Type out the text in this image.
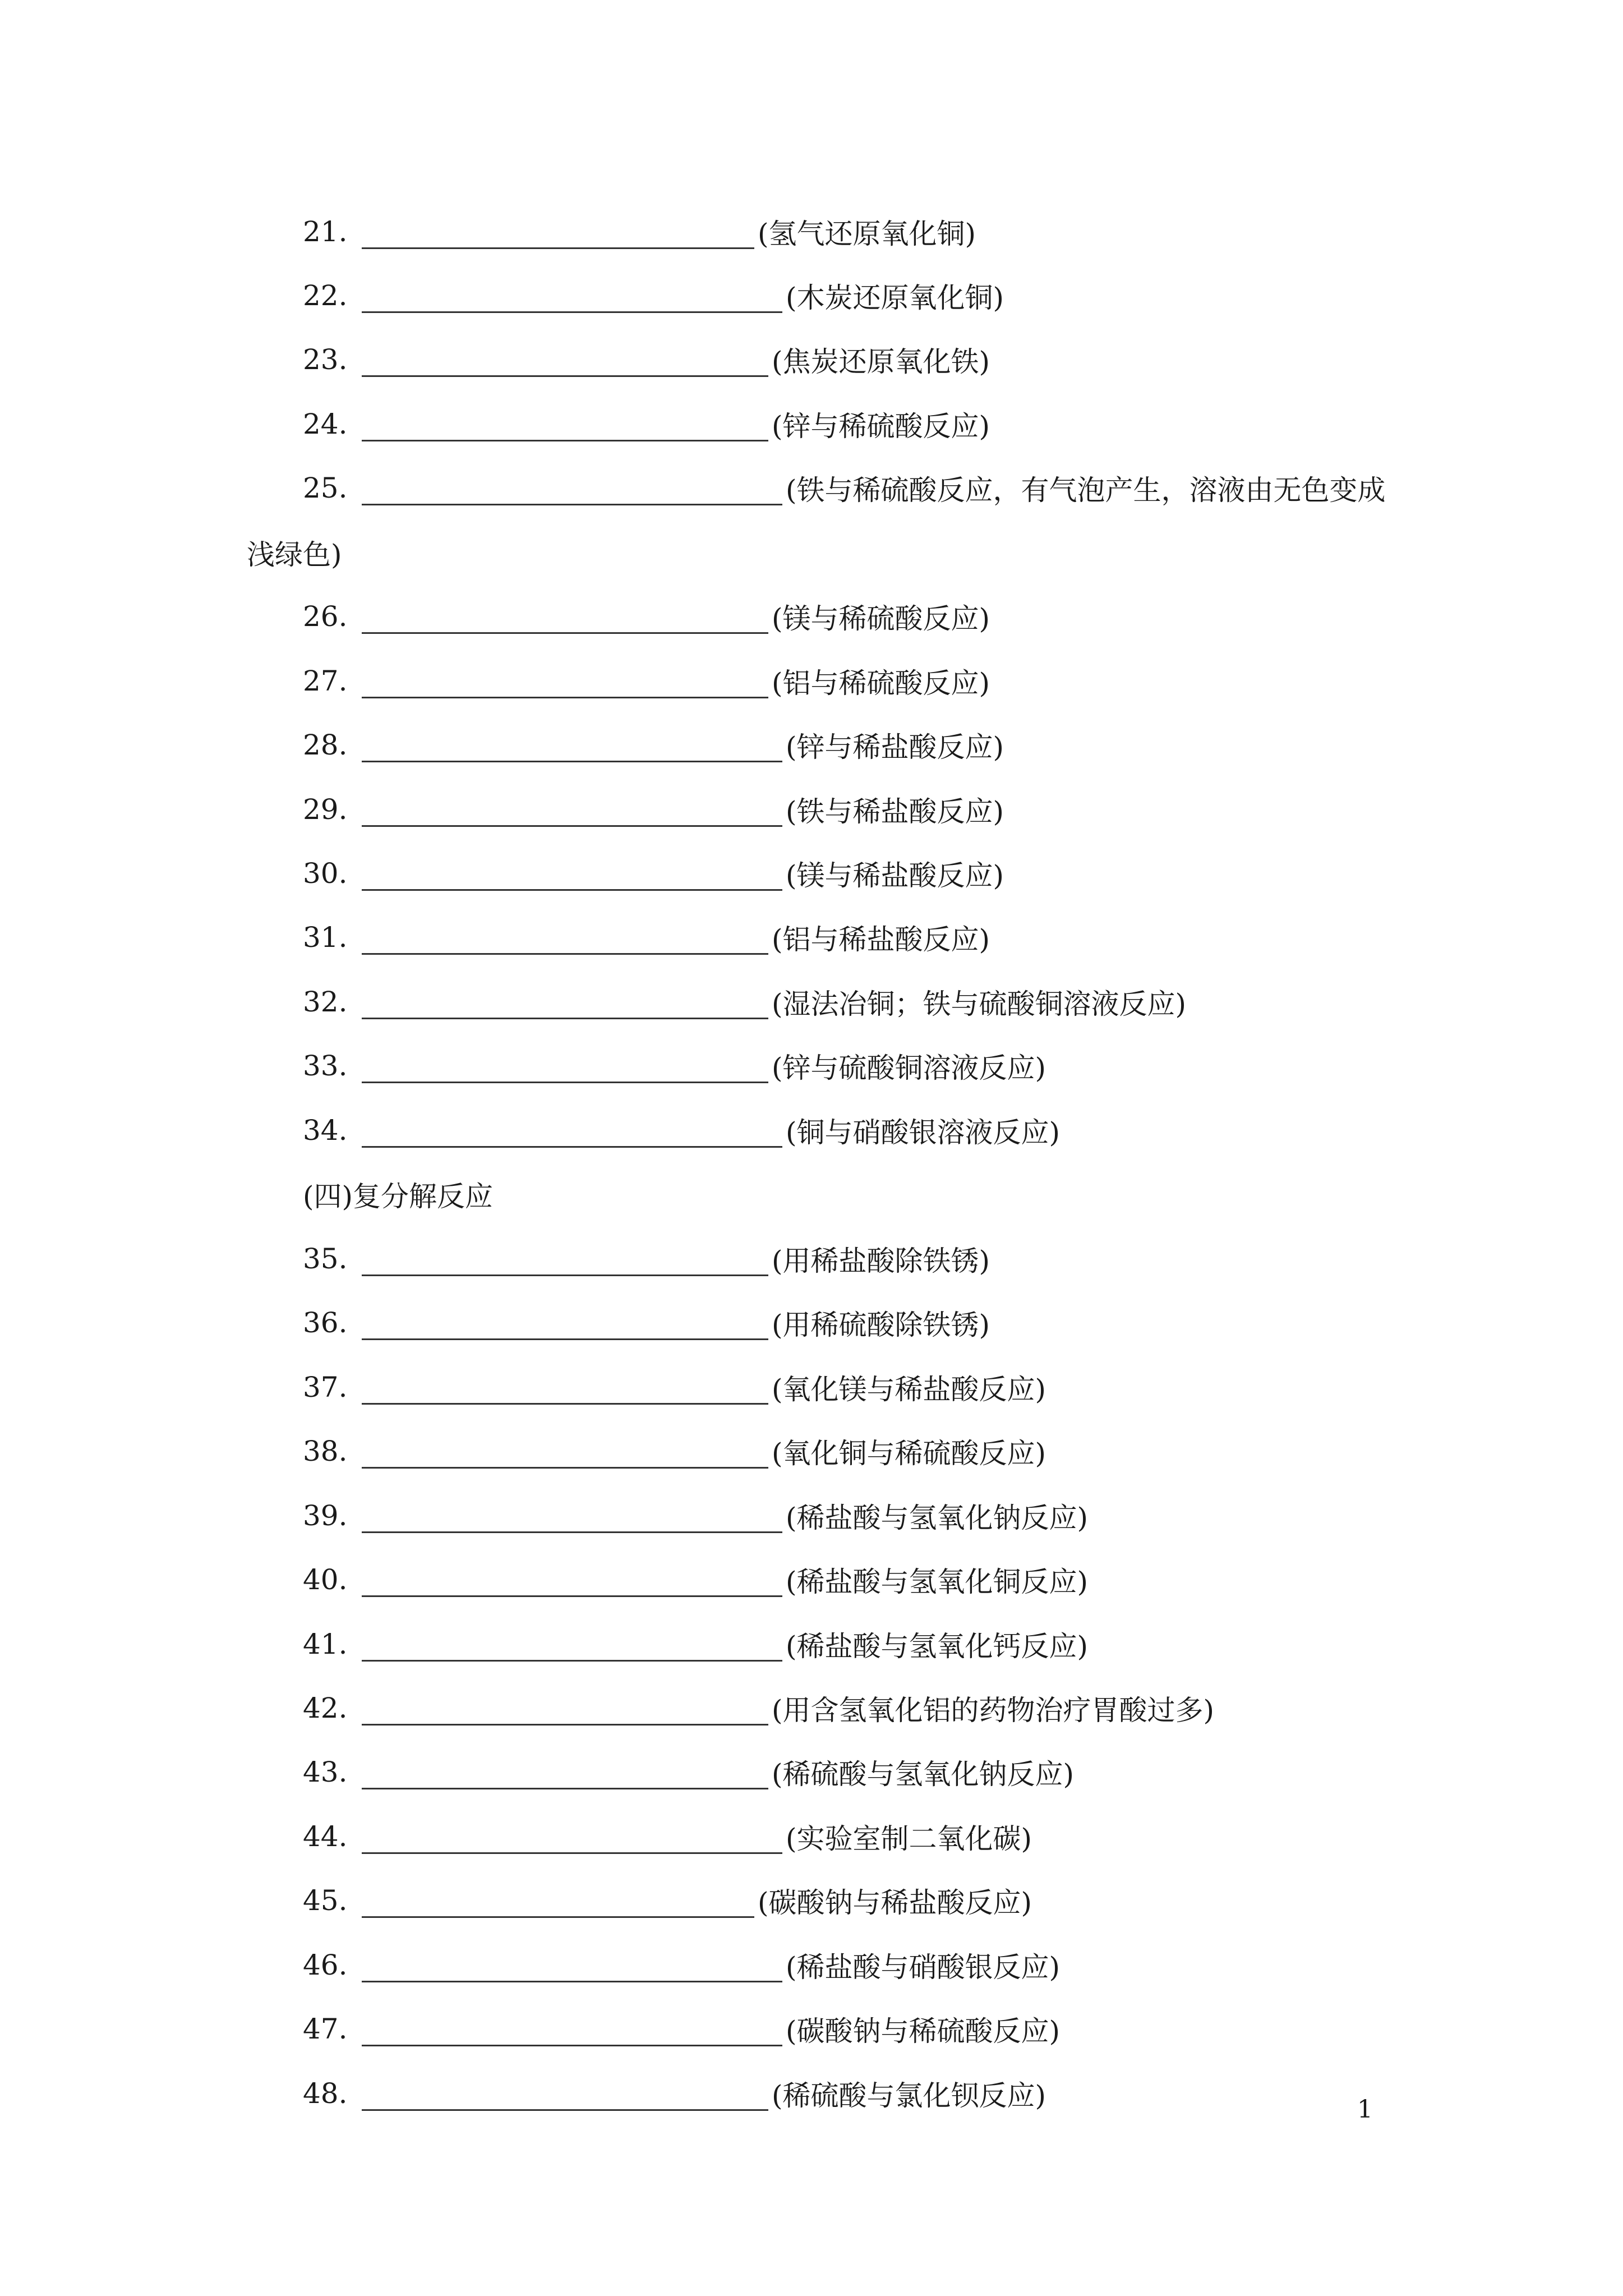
21.	(氢气还原氧化铜)
22.	(木炭还原氧化铜)
23.	(焦炭还原氧化铁)
24.	(锌与稀硫酸反应)
25.	(铁与稀硫酸反应，有气泡产生，溶液由无色变成
浅绿色)
26.	(镁与稀硫酸反应)
27.	(铝与稀硫酸反应)
28.	(锌与稀盐酸反应)
29.	(铁与稀盐酸反应)
30.	(镁与稀盐酸反应)
31.	(铝与稀盐酸反应)
32.	(湿法冶铜；铁与硫酸铜溶液反应)
33.	(锌与硫酸铜溶液反应)
34.	(铜与硝酸银溶液反应)
(四)复分解反应
35.	(用稀盐酸除铁锈)
36.	(用稀硫酸除铁锈)
37.	(氧化镁与稀盐酸反应)
38.	(氧化铜与稀硫酸反应)
39.	(稀盐酸与氢氧化钠反应)
40.	(稀盐酸与氢氧化铜反应)
41.	(稀盐酸与氢氧化钙反应)
42.	(用含氢氧化铝的药物治疗胃酸过多)
43.	(稀硫酸与氢氧化钠反应)
44.	(实验室制二氧化碳)
45.	(碳酸钠与稀盐酸反应)
46.	(稀盐酸与硝酸银反应)
47.	(碳酸钠与稀硫酸反应)
48.	(稀硫酸与氯化钡反应)	1
